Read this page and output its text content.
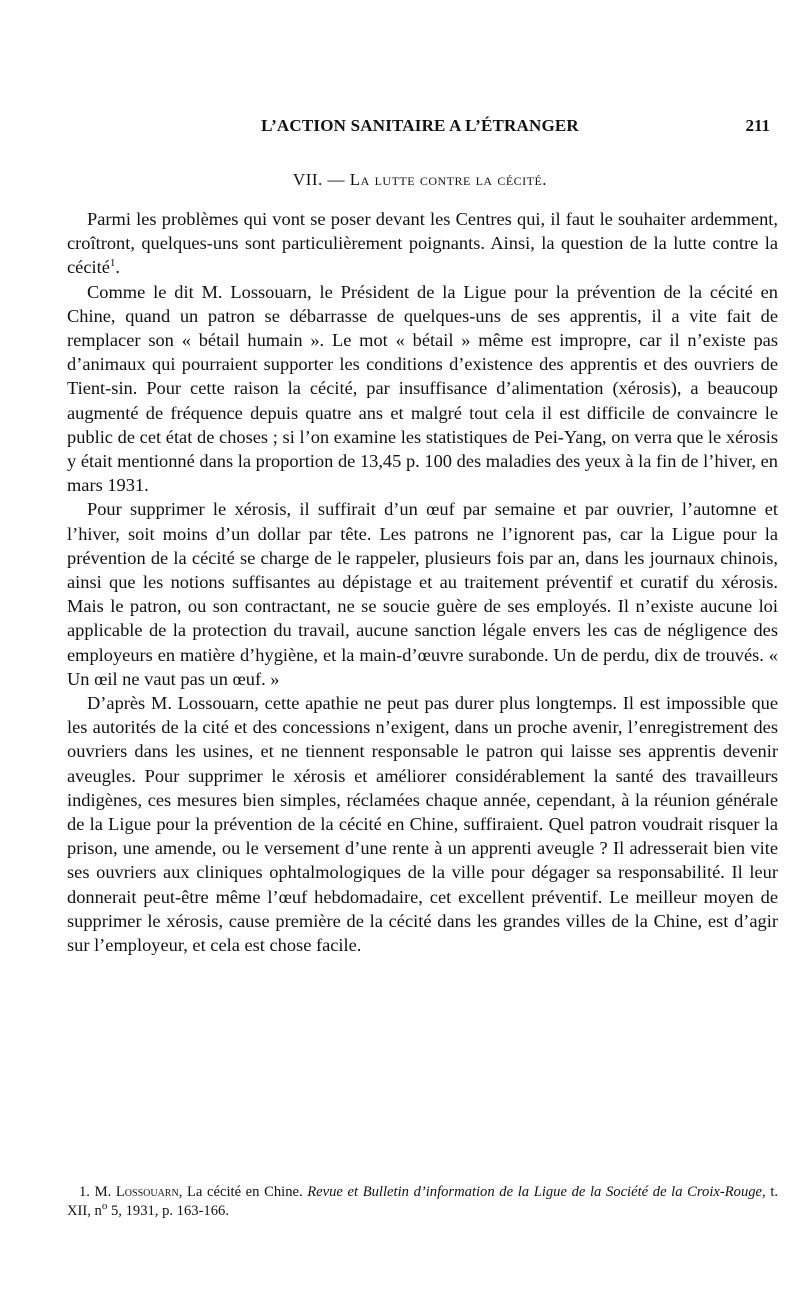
L’ACTION SANITAIRE A L’ÉTRANGER	211
VII. — La lutte contre la cécité.

Parmi les problèmes qui vont se poser devant les Centres qui, il faut le souhaiter ardemment, croîtront, quelques-uns sont particulièrement poignants. Ainsi, la question de la lutte contre la cécité$^1$.

Comme le dit M. Lossouarn, le Président de la Ligue pour la prévention de la cécité en Chine, quand un patron se débarrasse de quelques-uns de ses apprentis, il a vite fait de remplacer son « bétail humain ». Le mot « bétail » même est impropre, car il n’existe pas d’animaux qui pourraient supporter les conditions d’existence des apprentis et des ouvriers de Tient-sin. Pour cette raison la cécité, par insuffisance d’alimentation (xérosis), a beaucoup augmenté de fréquence depuis quatre ans et malgré tout cela il est difficile de convaincre le public de cet état de choses ; si l’on examine les statistiques de Pei-Yang, on verra que le xérosis y était mentionné dans la proportion de 13,45 p. 100 des maladies des yeux à la fin de l’hiver, en mars 1931.

Pour supprimer le xérosis, il suffirait d’un œuf par semaine et par ouvrier, l’automne et l’hiver, soit moins d’un dollar par tête. Les patrons ne l’ignorent pas, car la Ligue pour la prévention de la cécité se charge de le rappeler, plusieurs fois par an, dans les journaux chinois, ainsi que les notions suffisantes au dépistage et au traitement préventif et curatif du xérosis. Mais le patron, ou son contractant, ne se soucie guère de ses employés. Il n’existe aucune loi applicable de la protection du travail, aucune sanction légale envers les cas de négligence des employeurs en matière d’hygiène, et la main-d’œuvre surabonde. Un de perdu, dix de trouvés. « Un œil ne vaut pas un œuf. »

D’après M. Lossouarn, cette apathie ne peut pas durer plus longtemps. Il est impossible que les autorités de la cité et des concessions n’exigent, dans un proche avenir, l’enregistrement des ouvriers dans les usines, et ne tiennent responsable le patron qui laisse ses apprentis devenir aveugles. Pour supprimer le xérosis et améliorer considérablement la santé des travailleurs indigènes, ces mesures bien simples, réclamées chaque année, cependant, à la réunion générale de la Ligue pour la prévention de la cécité en Chine, suffiraient. Quel patron voudrait risquer la prison, une amende, ou le versement d’une rente à un apprenti aveugle ? Il adresserait bien vite ses ouvriers aux cliniques ophtalmologiques de la ville pour dégager sa responsabilité. Il leur donnerait peut-être même l’œuf hebdomadaire, cet excellent préventif. Le meilleur moyen de supprimer le xérosis, cause première de la cécité dans les grandes villes de la Chine, est d’agir sur l’employeur, et cela est chose facile.

1. M. Lossouarn, La cécité en Chine. Revue et Bulletin d’information de la Ligue de la Société de la Croix-Rouge, t. XII, $n^o$ 5, 1931, p. 163-166.
